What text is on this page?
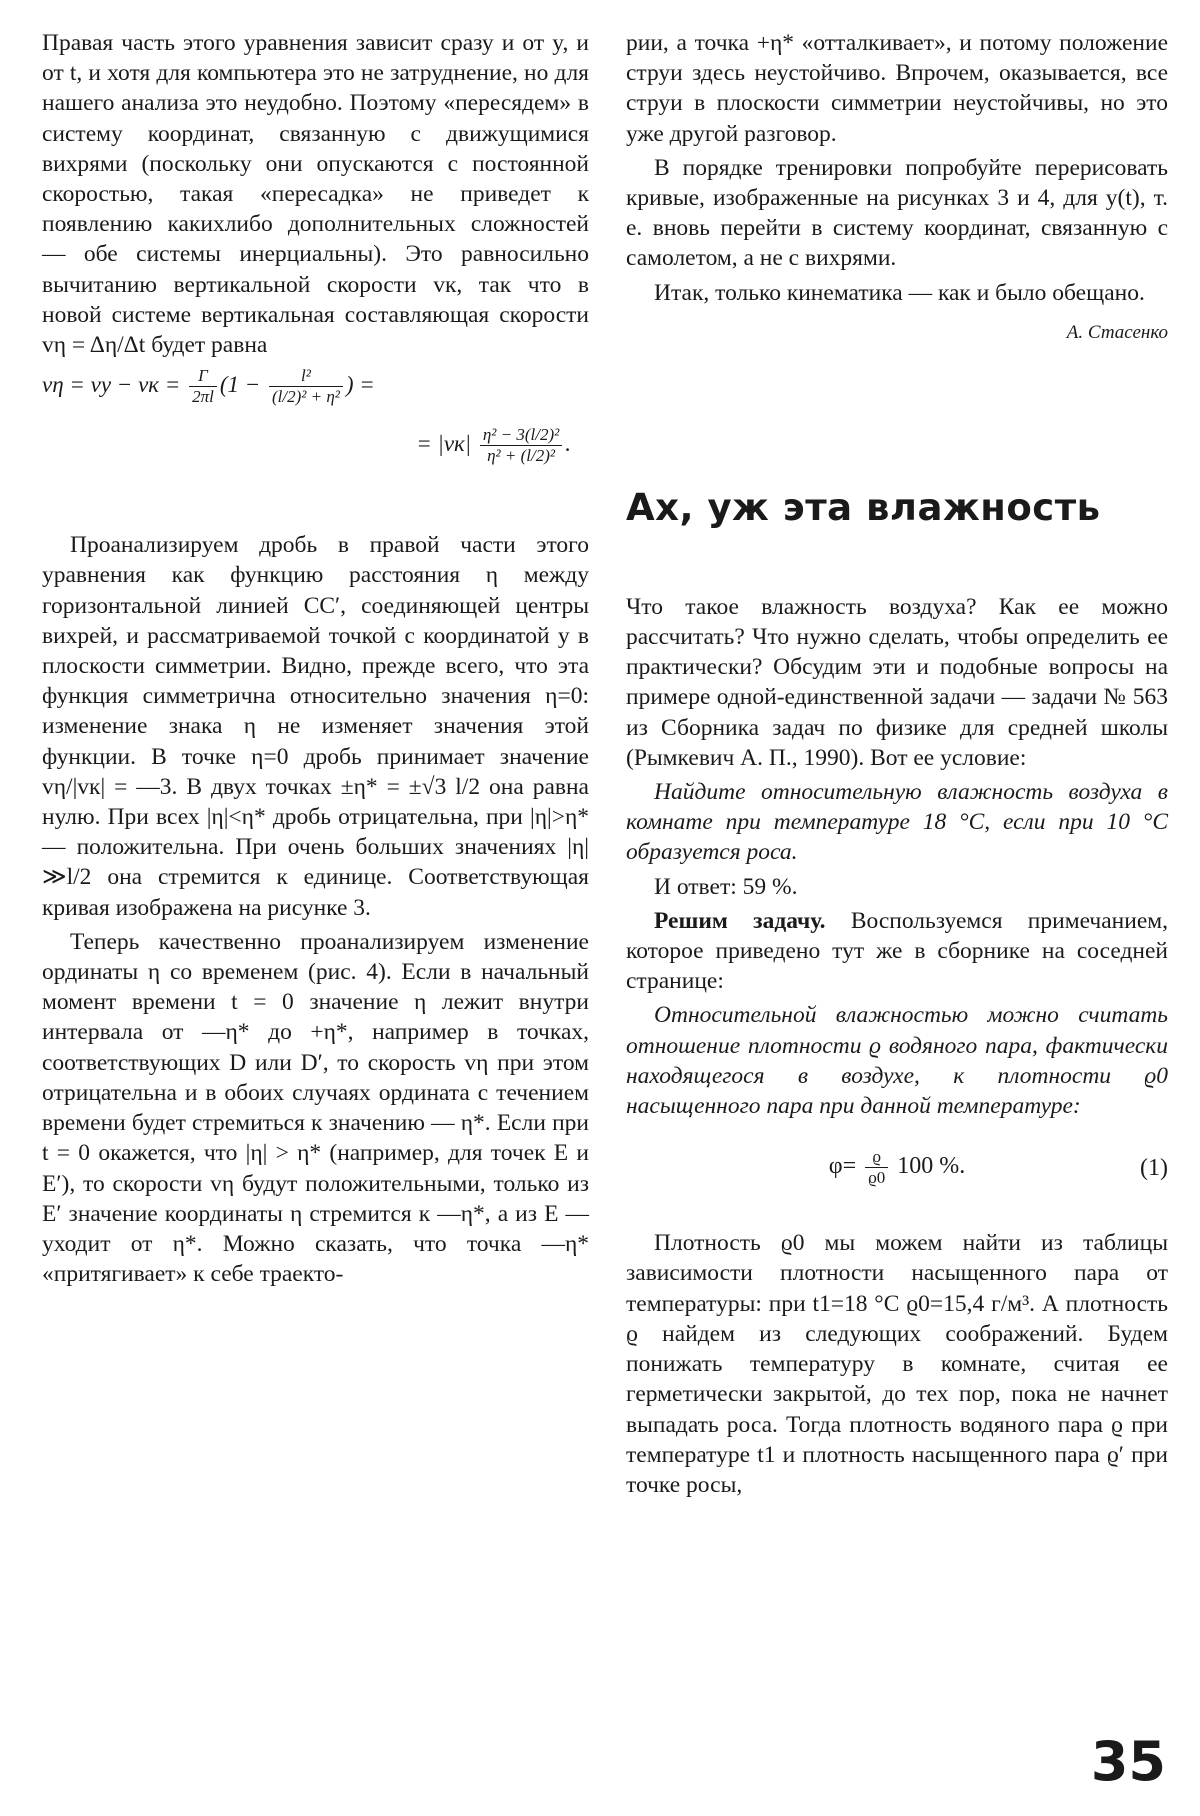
Правая часть этого уравнения зависит сразу и от y, и от t, и хотя для компьютера это не затруднение, но для нашего анализа это неудобно. Поэтому «пересядем» в систему координат, связанную с движущимися вихрями (поскольку они опускаются с постоянной скоростью, такая «пересадка» не приведет к появлению какихлибо дополнительных сложностей — обе системы инерциальны). Это равносильно вычитанию вертикальной скорости vк, так что в новой системе вертикальная составляющая скорости vη = Δη/Δt будет равна

vη = vy − vк = $\frac{\Gamma}{2\pi l} (1 - \frac{\text{l²}}{\text{(l/2)² + η²}}$ ) =
= $|vк| \frac{\text{η² − 3(l/2)²}}{\text{η² + (l/2)²}}$ .

Проанализируем дробь в правой части этого уравнения как функцию расстояния η между горизонтальной линией CC′, соединяющей центры вихрей, и рассматриваемой точкой с координатой y в плоскости симметрии. Видно, прежде всего, что эта функция симметрична относительно значения η=0: изменение знака η не изменяет значения этой функции. В точке η=0 дробь принимает значение vη/|vк| = —3. В двух точках ±η* = ±√3 l/2 она равна нулю. При всех |η|<η* дробь отрицательна, при |η|>η* — положительна. При очень больших значениях |η|≫l/2 она стремится к единице. Соответствующая кривая изображена на рисунке 3.

Теперь качественно проанализируем изменение ординаты η со временем (рис. 4). Если в начальный момент времени t = 0 значение η лежит внутри интервала от —η* до +η*, например в точках, соответствующих D или D′, то скорость vη при этом отрицательна и в обоих случаях ордината с течением времени будет стремиться к значению — η*. Если при t = 0 окажется, что |η| > η* (например, для точек E и E′), то скорости vη будут положительными, только из E′ значение координаты η стремится к —η*, а из E — уходит от η*. Можно сказать, что точка —η* «притягивает» к себе траекто-

рии, а точка +η* «отталкивает», и потому положение струи здесь неустойчиво. Впрочем, оказывается, все струи в плоскости симметрии неустойчивы, но это уже другой разговор.

В порядке тренировки попробуйте перерисовать кривые, изображенные на рисунках 3 и 4, для y(t), т. е. вновь перейти в систему координат, связанную с самолетом, а не с вихрями.

Итак, только кинематика — как и было обещано.

А. Стасенко
Ах, уж эта влажность

Что такое влажность воздуха? Как ее можно рассчитать? Что нужно сделать, чтобы определить ее практически? Обсудим эти и подобные вопросы на примере одной-единственной задачи — задачи № 563 из Сборника задач по физике для средней школы (Рымкевич А. П., 1990). Вот ее условие:

Найдите относительную влажность воздуха в комнате при температуре 18 °C, если при 10 °C образуется роса.

И ответ: 59 %.

Решим задачу. Воспользуемся примечанием, которое приведено тут же в сборнике на соседней странице:

Относительной влажностью можно считать отношение плотности ϱ водяного пара, фактически находящегося в воздухе, к плотности ϱ0 насыщенного пара при данной температуре:

$\varphi= \frac{ϱ}{ϱ0} 100$ %.	(1)

Плотность ϱ0 мы можем найти из таблицы зависимости плотности насыщенного пара от температуры: при t1=18 °C ϱ0=15,4 г/м³. А плотность ϱ найдем из следующих соображений. Будем понижать температуру в комнате, считая ее герметически закрытой, до тех пор, пока не начнет выпадать роса. Тогда плотность водяного пара ϱ при температуре t1 и плотность насыщенного пара ϱ′ при точке росы,

35
